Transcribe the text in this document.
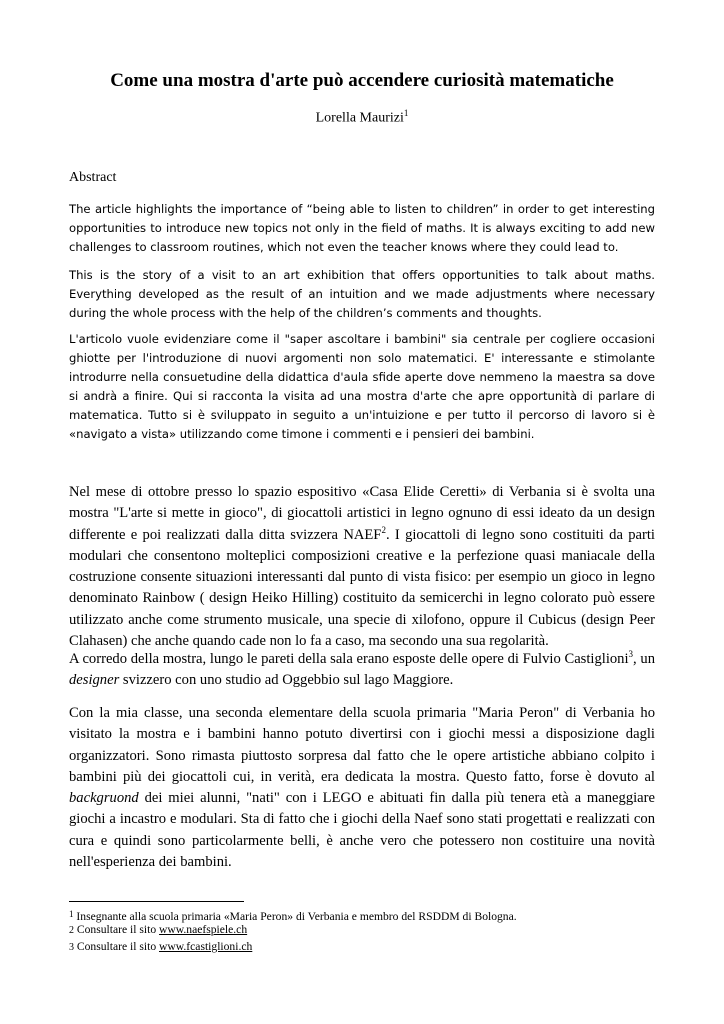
Come una mostra d'arte può accendere curiosità matematiche
Lorella Maurizi$^1$
Abstract

The article highlights the importance of “being able to listen to children” in order to get interesting opportunities to introduce new topics not only in the field of maths. It is always exciting to add new challenges to classroom routines, which not even the teacher knows where they could lead to.

This is the story of a visit to an art exhibition that offers opportunities to talk about maths. Everything developed as the result of an intuition and we made adjustments where necessary during the whole process with the help of the children’s comments and thoughts.

L'articolo vuole evidenziare come il "saper ascoltare i bambini" sia centrale per cogliere occasioni ghiotte per l'introduzione di nuovi argomenti non solo matematici. E' interessante e stimolante introdurre nella consuetudine della didattica d'aula sfide aperte dove nemmeno la maestra sa dove si andrà a finire. Qui si racconta la visita ad una mostra d'arte che apre opportunità di parlare di matematica. Tutto si è sviluppato in seguito a un'intuizione e per tutto il percorso di lavoro si è «navigato a vista» utilizzando come timone i commenti e i pensieri dei bambini.

Nel mese di ottobre presso lo spazio espositivo «Casa Elide Ceretti» di Verbania si è svolta una mostra "L'arte si mette in gioco", di giocattoli artistici in legno ognuno di essi ideato da un design differente e poi realizzati dalla ditta svizzera NAEF$^2$. I giocattoli di legno sono costituiti da parti modulari che consentono molteplici composizioni creative e la perfezione quasi maniacale della costruzione consente situazioni interessanti dal punto di vista fisico: per esempio un gioco in legno denominato Rainbow ( design Heiko Hilling) costituito da semicerchi in legno colorato può essere utilizzato anche come strumento musicale, una specie di xilofono, oppure il Cubicus (design Peer Clahasen) che anche quando cade non lo fa a caso, ma secondo una sua regolarità.

A corredo della mostra, lungo le pareti della sala erano esposte delle opere di Fulvio Castiglioni$^3$, un designer svizzero con uno studio ad Oggebbio sul lago Maggiore.

Con la mia classe, una seconda elementare della scuola primaria "Maria Peron" di Verbania ho visitato la mostra e i bambini hanno potuto divertirsi con i giochi messi a disposizione dagli organizzatori. Sono rimasta piuttosto sorpresa dal fatto che le opere artistiche abbiano colpito i bambini più dei giocattoli cui, in verità, era dedicata la mostra. Questo fatto, forse è dovuto al backgruond dei miei alunni, "nati" con i LEGO e abituati fin dalla più tenera età a maneggiare giochi a incastro e modulari. Sta di fatto che i giochi della Naef sono stati progettati e realizzati con cura e quindi sono particolarmente belli, è anche vero che potessero non costituire una novità nell'esperienza dei bambini.

$^1$ Insegnante alla scuola primaria «Maria Peron» di Verbania e membro del RSDDM di Bologna.
2 Consultare il sito www.naefspiele.ch
3 Consultare il sito www.fcastiglioni.ch
